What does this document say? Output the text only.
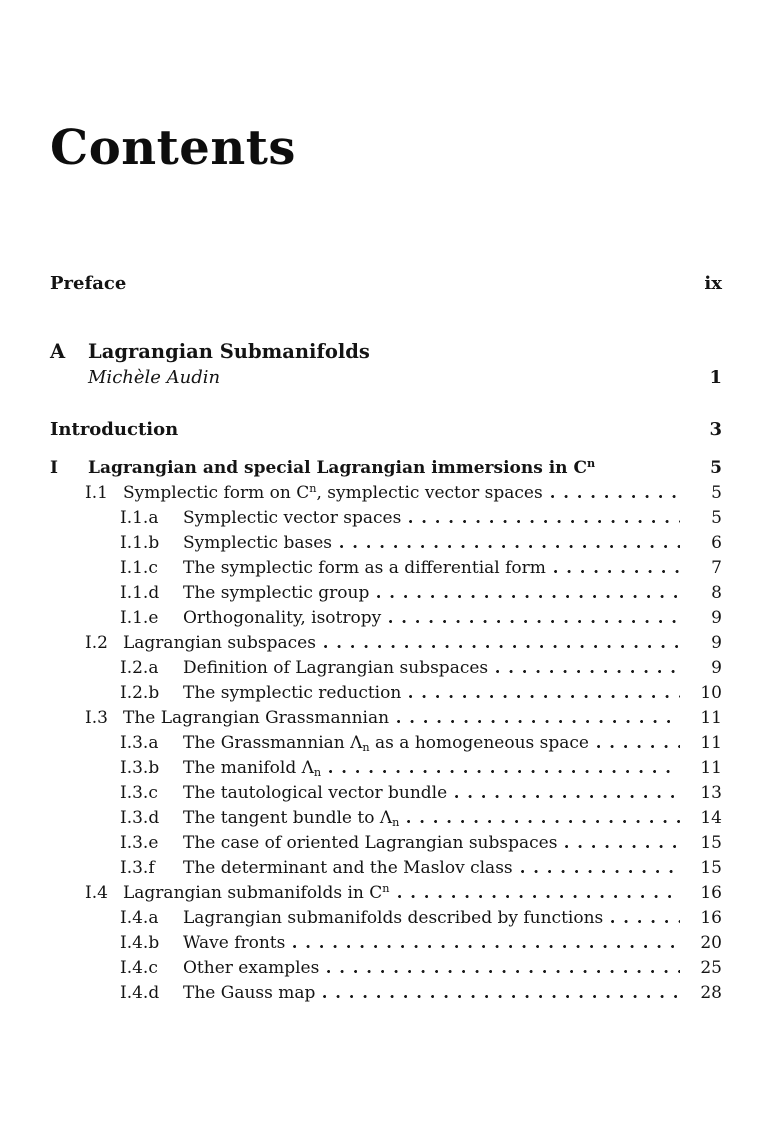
Contents
Preface	ix
A	Lagrangian Submanifolds
Michèle Audin	1
Introduction	3
I	Lagrangian and special Lagrangian immersions in $C^n$	5
I.1 Symplectic form on $C^n$, symplectic vector spaces	5
I.1.a	Symplectic vector spaces	5
I.1.b	Symplectic bases	6
I.1.c	The symplectic form as a differential form	7
I.1.d	The symplectic group	8
I.1.e	Orthogonality, isotropy	9
I.2 Lagrangian subspaces	9
I.2.a	Definition of Lagrangian subspaces	9
I.2.b	The symplectic reduction	10
I.3 The Lagrangian Grassmannian	11
I.3.a	The Grassmannian $\Lambda_n$ as a homogeneous space	11
I.3.b	The manifold $\Lambda_n$	11
I.3.c	The tautological vector bundle	13
I.3.d	The tangent bundle to $\Lambda_n$	14
I.3.e	The case of oriented Lagrangian subspaces	15
I.3.f	The determinant and the Maslov class	15
I.4 Lagrangian submanifolds in $C^n$	16
I.4.a	Lagrangian submanifolds described by functions	16
I.4.b	Wave fronts	20
I.4.c	Other examples	25
I.4.d	The Gauss map	28
